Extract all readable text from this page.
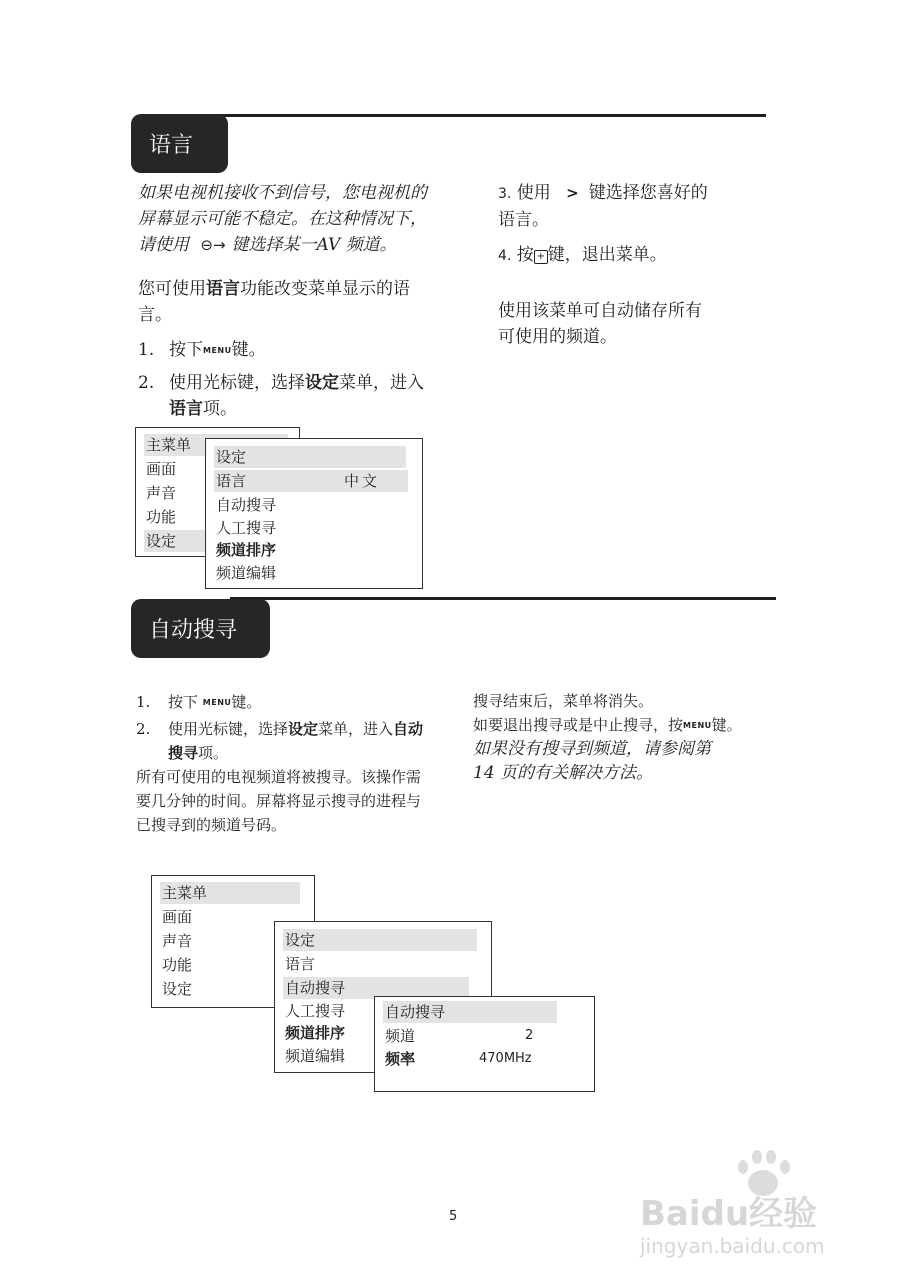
语言
如果电视机接收不到信号，您电视机的
屏幕显示可能不稳定。在这种情况下，
请使用 ⊖→ 键选择某一AV 频道。
您可使用语言功能改变菜单显示的语
言。
1. 按下MENU键。
2. 使用光标键，选择设定菜单，进入
语言项。
3. 使用 > 键选择您喜好的
语言。
4. 按 + 键，退出菜单。
使用该菜单可自动储存所有
可使用的频道。
主菜单
画面
声音
功能
设定
设定
语言	中文
自动搜寻
人工搜寻
频道排序
频道编辑
自动搜寻
1. 按下 MENU键。
2. 使用光标键，选择设定菜单，进入自动
搜寻项。
所有可使用的电视频道将被搜寻。该操作需
要几分钟的时间。屏幕将显示搜寻的进程与
已搜寻到的频道号码。
搜寻结束后，菜单将消失。
如要退出搜寻或是中止搜寻，按MENU键。
如果没有搜寻到频道，请参阅第
14 页的有关解决方法。
主菜单
画面
声音
功能
设定
设定
语言
自动搜寻
人工搜寻
频道排序
频道编辑
自动搜寻
频道	2
频率	470MHz
5	Baidu经验
jingyan.baidu.com
